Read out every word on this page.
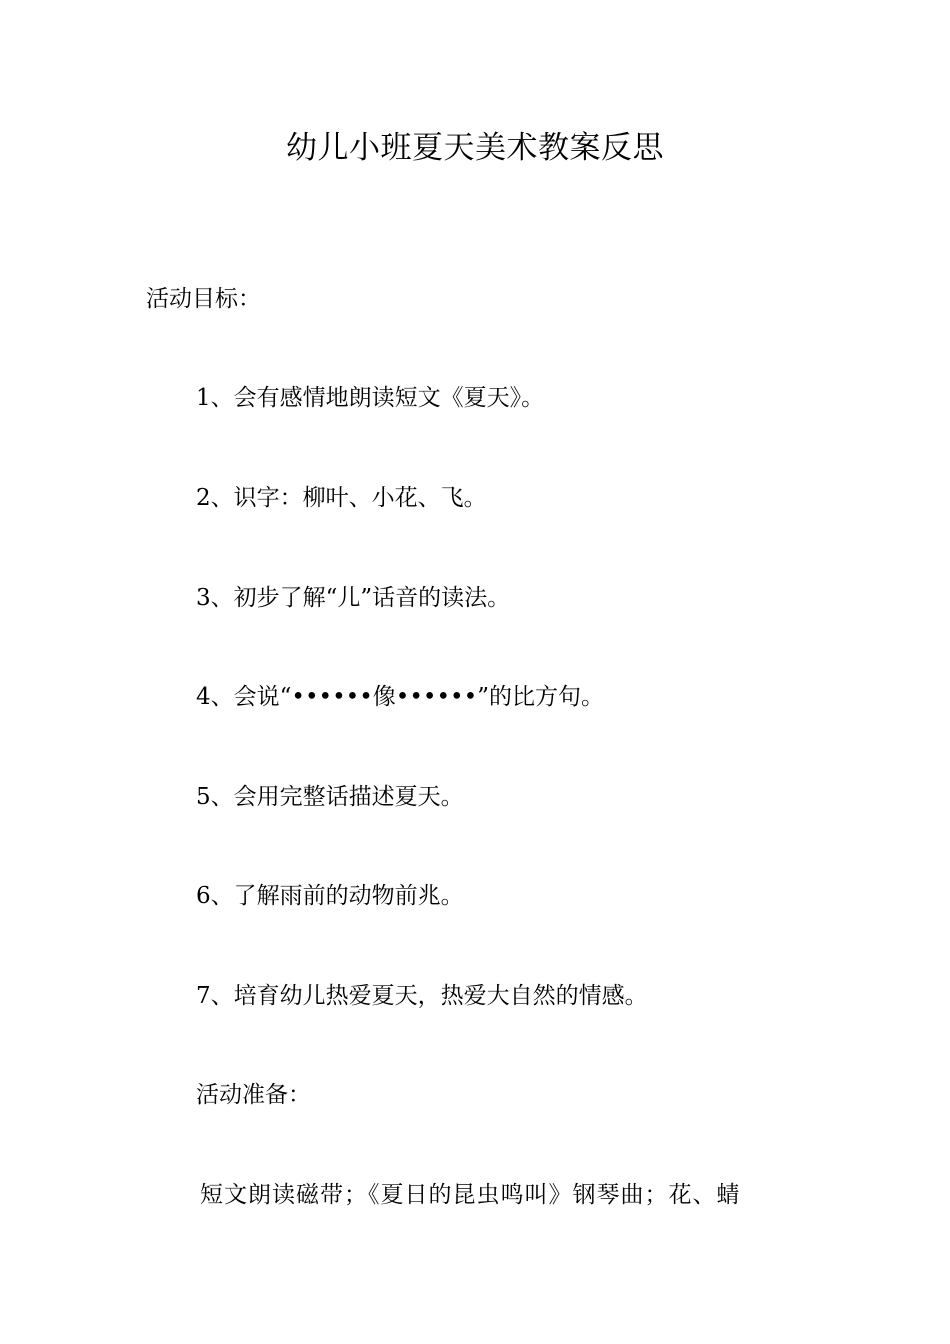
幼儿小班夏天美术教案反思
活动目标：
1、会有感情地朗读短文《夏天》。
2、识字：柳叶、小花、飞。
3、初步了解“儿”话音的读法。
4、会说“••••••像••••••”的比方句。
5、会用完整话描述夏天。
6、了解雨前的动物前兆。
7、培育幼儿热爱夏天，热爱大自然的情感。
活动准备：
短文朗读磁带；《夏日的昆虫鸣叫》钢琴曲；花、蜻
